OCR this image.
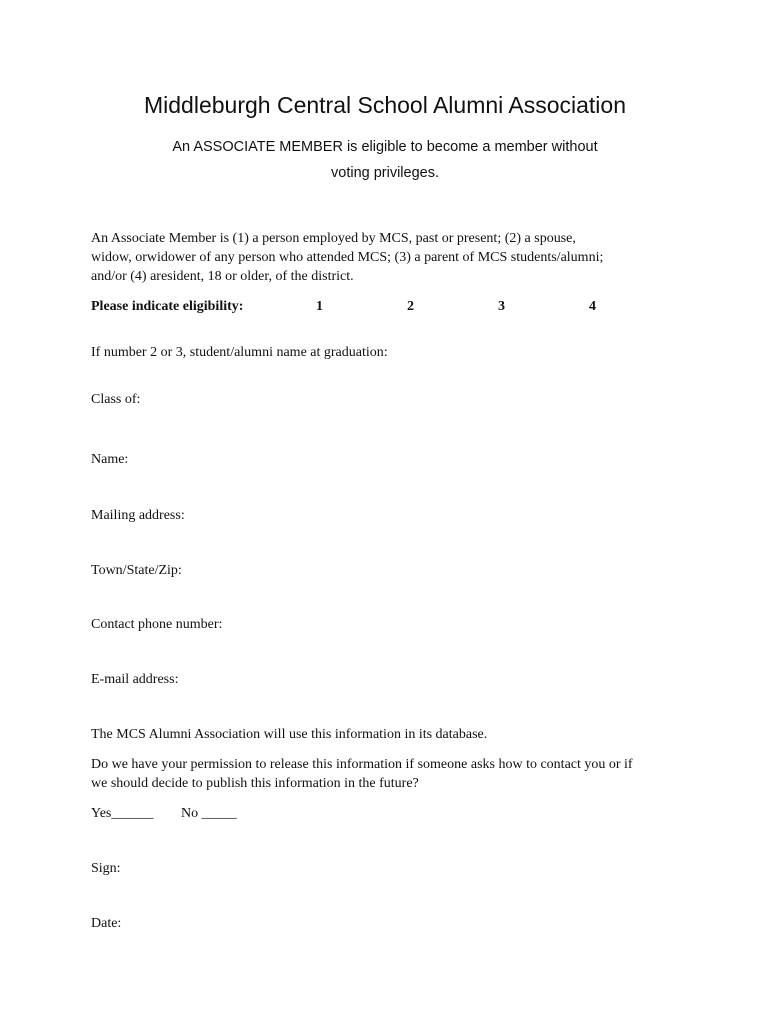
Middleburgh Central School Alumni Association
An ASSOCIATE MEMBER is eligible to become a member without
voting privileges.
An Associate Member is (1) a person employed by MCS, past or present; (2) a spouse,
widow, orwidower of any person who attended MCS; (3) a parent of MCS students/alumni;
and/or (4) aresident, 18 or older, of the district.
Please indicate eligibility:	1	2	3	4
If number 2 or 3, student/alumni name at graduation:
Class of:
Name:
Mailing address:
Town/State/Zip:
Contact phone number:
E-mail address:
The MCS Alumni Association will use this information in its database.
Do we have your permission to release this information if someone asks how to contact you or if
we should decide to publish this information in the future?
Yes______ No _____
Sign:
Date:
